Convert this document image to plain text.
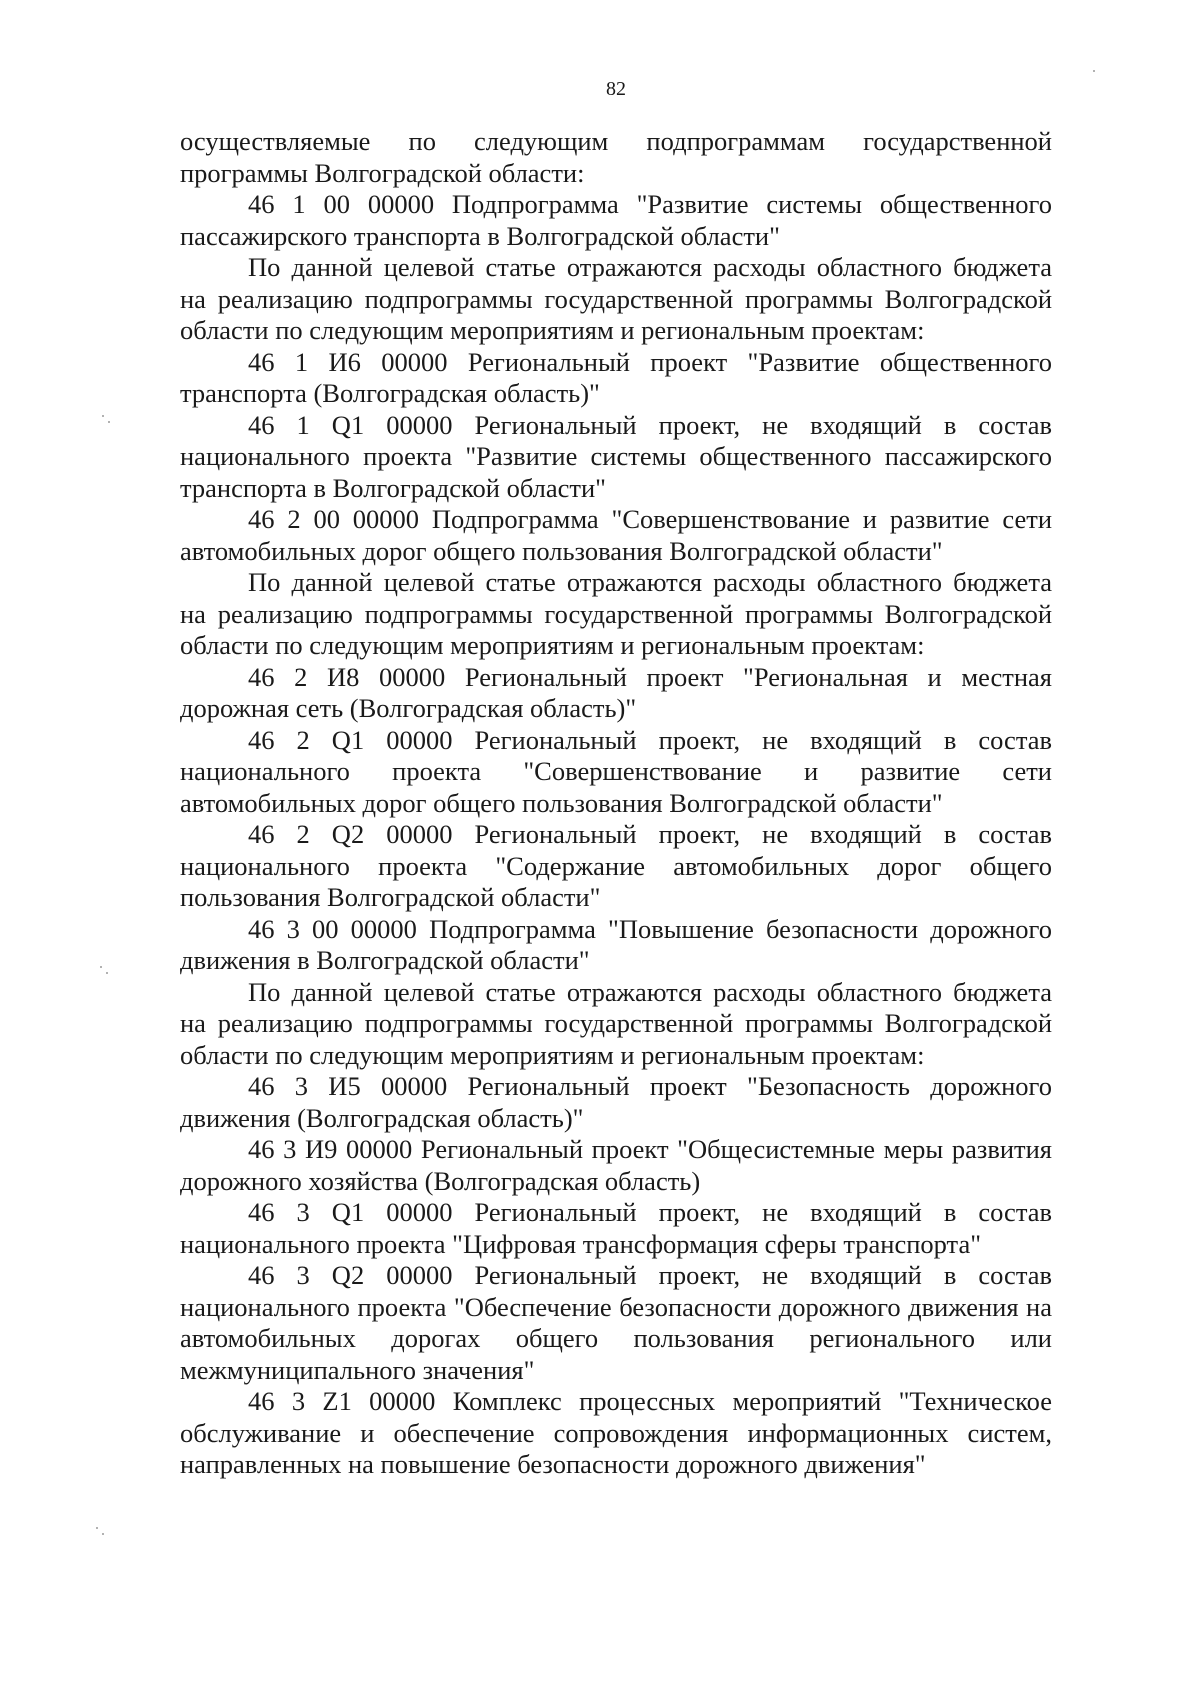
82

осуществляемые по следующим подпрограммам государственной программы Волгоградской области:

46 1 00 00000 Подпрограмма "Развитие системы общественного пассажирского транспорта в Волгоградской области"

По данной целевой статье отражаются расходы областного бюджета на реализацию подпрограммы государственной программы Волгоградской области по следующим мероприятиям и региональным проектам:

46 1 И6 00000 Региональный проект "Развитие общественного транспорта (Волгоградская область)"

46 1 Q1 00000 Региональный проект, не входящий в состав национального проекта "Развитие системы общественного пассажирского транспорта в Волгоградской области"

46 2 00 00000 Подпрограмма "Совершенствование и развитие сети автомобильных дорог общего пользования Волгоградской области"

По данной целевой статье отражаются расходы областного бюджета на реализацию подпрограммы государственной программы Волгоградской области по следующим мероприятиям и региональным проектам:

46 2 И8 00000 Региональный проект "Региональная и местная дорожная сеть (Волгоградская область)"

46 2 Q1 00000 Региональный проект, не входящий в состав национального проекта "Совершенствование и развитие сети автомобильных дорог общего пользования Волгоградской области"

46 2 Q2 00000 Региональный проект, не входящий в состав национального проекта "Содержание автомобильных дорог общего пользования Волгоградской области"

46 3 00 00000 Подпрограмма "Повышение безопасности дорожного движения в Волгоградской области"

По данной целевой статье отражаются расходы областного бюджета на реализацию подпрограммы государственной программы Волгоградской области по следующим мероприятиям и региональным проектам:

46 3 И5 00000 Региональный проект "Безопасность дорожного движения (Волгоградская область)"

46 3 И9 00000 Региональный проект "Общесистемные меры развития дорожного хозяйства (Волгоградская область)

46 3 Q1 00000 Региональный проект, не входящий в состав национального проекта "Цифровая трансформация сферы транспорта"

46 3 Q2 00000 Региональный проект, не входящий в состав национального проекта "Обеспечение безопасности дорожного движения на автомобильных дорогах общего пользования регионального или межмуниципального значения"

46 3 Z1 00000 Комплекс процессных мероприятий "Техническое обслуживание и обеспечение сопровождения информационных систем, направленных на повышение безопасности дорожного движения"
